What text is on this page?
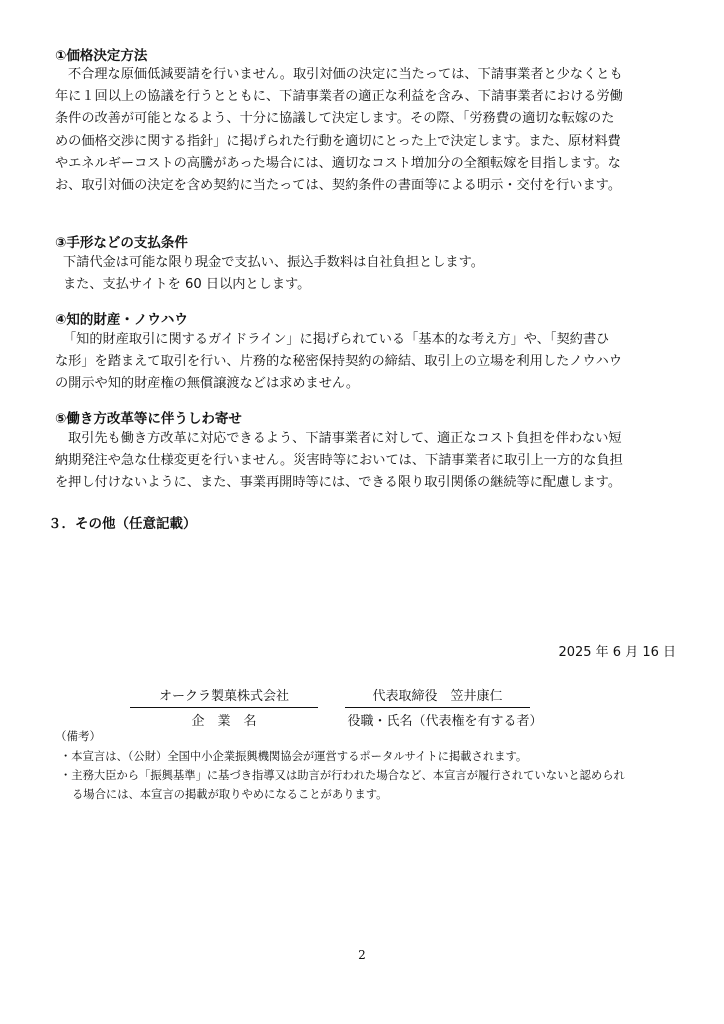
①価格決定方法
不合理な原価低減要請を行いません。取引対価の決定に当たっては、下請事業者と少なくとも
年に１回以上の協議を行うとともに、下請事業者の適正な利益を含み、下請事業者における労働
条件の改善が可能となるよう、十分に協議して決定します。その際、「労務費の適切な転嫁のた
めの価格交渉に関する指針」に掲げられた行動を適切にとった上で決定します。また、原材料費
やエネルギーコストの高騰があった場合には、適切なコスト増加分の全額転嫁を目指します。な
お、取引対価の決定を含め契約に当たっては、契約条件の書面等による明示・交付を行います。
③手形などの支払条件
下請代金は可能な限り現金で支払い、振込手数料は自社負担とします。
また、支払サイトを 60 日以内とします。
④知的財産・ノウハウ
「知的財産取引に関するガイドライン」に掲げられている「基本的な考え方」や、「契約書ひ
な形」を踏まえて取引を行い、片務的な秘密保持契約の締結、取引上の立場を利用したノウハウ
の開示や知的財産権の無償譲渡などは求めません。
⑤働き方改革等に伴うしわ寄せ
取引先も働き方改革に対応できるよう、下請事業者に対して、適正なコスト負担を伴わない短
納期発注や急な仕様変更を行いません。災害時等においては、下請事業者に取引上一方的な負担
を押し付けないように、また、事業再開時等には、できる限り取引関係の継続等に配慮します。
３．その他（任意記載）
2025 年 6 月 16 日
オークラ製菓株式会社	代表取締役　笠井康仁
企　業　名	役職・氏名（代表権を有する者）
（備考）
・本宣言は、（公財）全国中小企業振興機関協会が運営するポータルサイトに掲載されます。
・主務大臣から「振興基準」に基づき指導又は助言が行われた場合など、本宣言が履行されていないと認められ
る場合には、本宣言の掲載が取りやめになることがあります。
2
